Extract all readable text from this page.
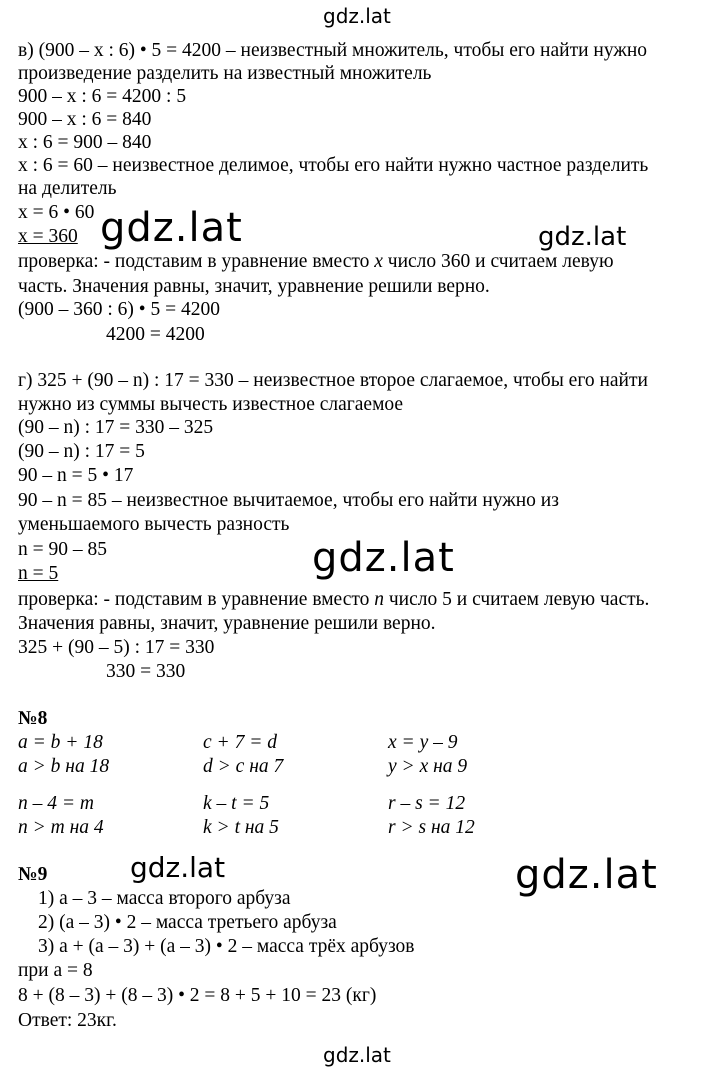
gdz.lat
gdz.lat	gdz.lat
gdz.lat
gdz.lat	gdz.lat
gdz.lat
в) (900 – х : 6) • 5 = 4200 – неизвестный множитель, чтобы его найти нужно
произведение разделить на известный множитель
900 – х : 6 = 4200 : 5
900 – х : 6 = 840
х : 6 = 900 – 840
х : 6 = 60 – неизвестное делимое, чтобы его найти нужно частное разделить
на делитель
х = 6 • 60
х = 360
проверка: - подставим в уравнение вместо х число 360 и считаем левую
часть. Значения равны, значит, уравнение решили верно.
(900 – 360 : 6) • 5 = 4200
4200 = 4200
г) 325 + (90 – n) : 17 = 330 – неизвестное второе слагаемое, чтобы его найти
нужно из суммы вычесть известное слагаемое
(90 – n) : 17 = 330 – 325
(90 – n) : 17 = 5
90 – n = 5 • 17
90 – n = 85 – неизвестное вычитаемое, чтобы его найти нужно из
уменьшаемого вычесть разность
n = 90 – 85
n = 5
проверка: - подставим в уравнение вместо n число 5 и считаем левую часть.
Значения равны, значит, уравнение решили верно.
325 + (90 – 5) : 17 = 330
330 = 330
№8
а = b + 18
а > b на 18
с + 7 = d
d > c на 7
x = y – 9
y > x на 9
n – 4 = m
n > m на 4
k – t = 5
k > t на 5
r – s = 12
r > s на 12
№9
1) а – 3 – масса второго арбуза
2) (а – 3) • 2 – масса третьего арбуза
3) а + (а – 3) + (а – 3) • 2 – масса трёх арбузов
при а = 8
8 + (8 – 3) + (8 – 3) • 2 = 8 + 5 + 10 = 23 (кг)
Ответ: 23кг.
